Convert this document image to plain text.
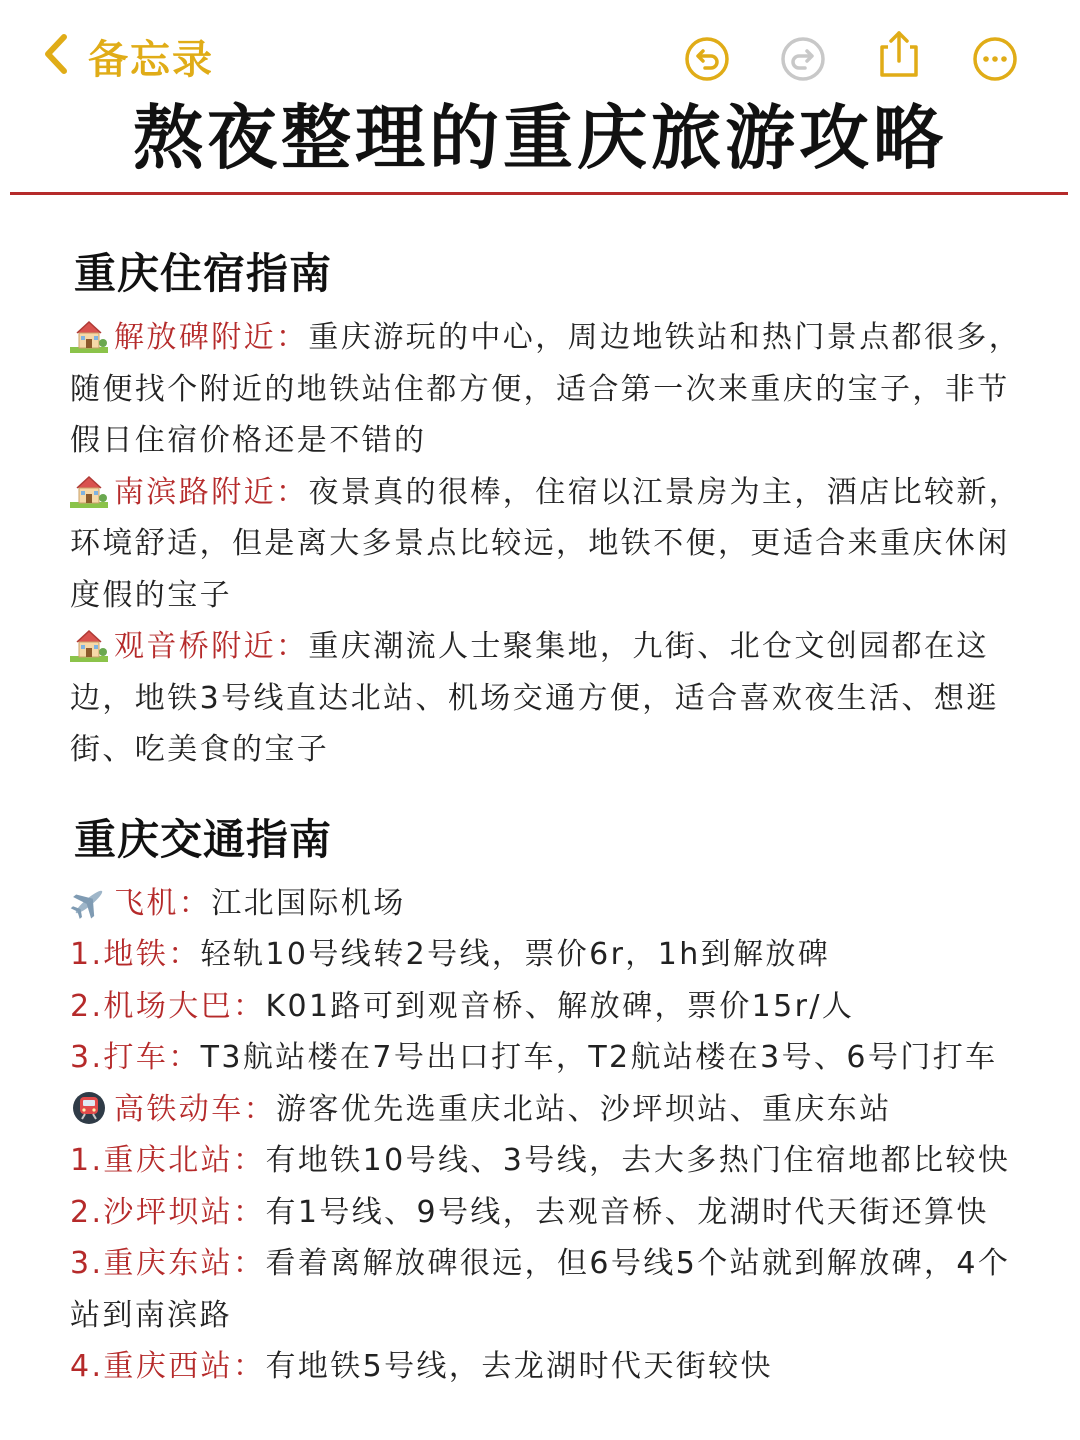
备忘录
熬夜整理的重庆旅游攻略
重庆住宿指南

解放碑附近：重庆游玩的中心，周边地铁站和热门景点都很多，随便找个附近的地铁站住都方便，适合第一次来重庆的宝子，非节假日住宿价格还是不错的

南滨路附近：夜景真的很棒，住宿以江景房为主，酒店比较新，环境舒适，但是离大多景点比较远，地铁不便，更适合来重庆休闲度假的宝子

观音桥附近：重庆潮流人士聚集地，九街、北仓文创园都在这边，地铁3号线直达北站、机场交通方便，适合喜欢夜生活、想逛街、吃美食的宝子

重庆交通指南
飞机：江北国际机场
1.地铁：轻轨10号线转2号线，票价6r，1h到解放碑
2.机场大巴：K01路可到观音桥、解放碑，票价15r/人
3.打车：T3航站楼在7号出口打车，T2航站楼在3号、6号门打车
高铁动车：游客优先选重庆北站、沙坪坝站、重庆东站
1.重庆北站：有地铁10号线、3号线，去大多热门住宿地都比较快
2.沙坪坝站：有1号线、9号线，去观音桥、龙湖时代天街还算快

3.重庆东站：看着离解放碑很远，但6号线5个站就到解放碑，4个站到南滨路

4.重庆西站：有地铁5号线，去龙湖时代天街较快
